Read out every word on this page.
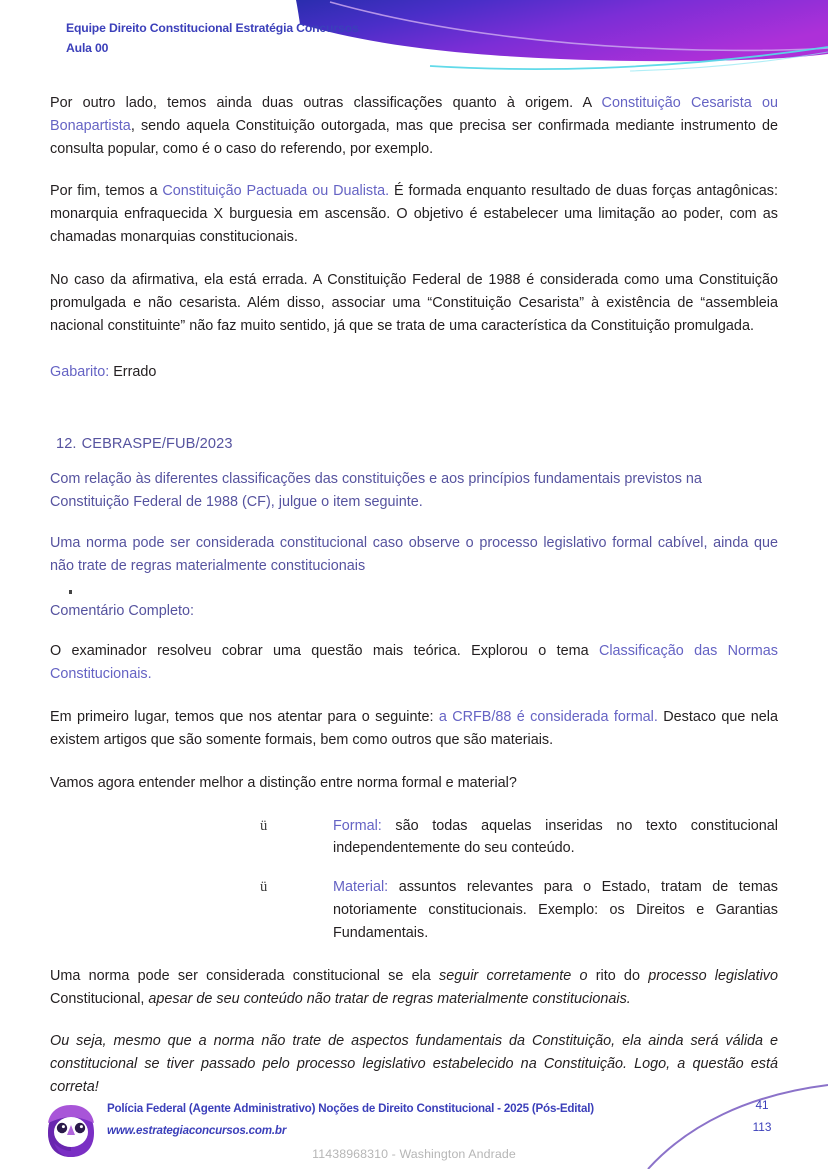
Equipe Direito Constitucional Estratégia Concursos
Aula 00

Por outro lado, temos ainda duas outras classificações quanto à origem. A Constituição Cesarista ou Bonapartista, sendo aquela Constituição outorgada, mas que precisa ser confirmada mediante instrumento de consulta popular, como é o caso do referendo, por exemplo.

Por fim, temos a Constituição Pactuada ou Dualista. É formada enquanto resultado de duas forças antagônicas: monarquia enfraquecida X burguesia em ascensão. O objetivo é estabelecer uma limitação ao poder, com as chamadas monarquias constitucionais.

No caso da afirmativa, ela está errada. A Constituição Federal de 1988 é considerada como uma Constituição promulgada e não cesarista. Além disso, associar uma “Constituição Cesarista” à existência de “assembleia nacional constituinte” não faz muito sentido, já que se trata de uma característica da Constituição promulgada.

Gabarito: Errado

12. CEBRASPE/FUB/2023

Com relação às diferentes classificações das constituições e aos princípios fundamentais previstos na Constituição Federal de 1988 (CF), julgue o item seguinte.

Uma norma pode ser considerada constitucional caso observe o processo legislativo formal cabível, ainda que não trate de regras materialmente constitucionais

Comentário Completo:

O examinador resolveu cobrar uma questão mais teórica. Explorou o tema Classificação das Normas Constitucionais.

Em primeiro lugar, temos que nos atentar para o seguinte: a CRFB/88 é considerada formal. Destaco que nela existem artigos que são somente formais, bem como outros que são materiais.

Vamos agora entender melhor a distinção entre norma formal e material?

ü	Formal: são todas aquelas inseridas no texto constitucional independentemente do seu conteúdo.
ü	Material: assuntos relevantes para o Estado, tratam de temas notoriamente constitucionais. Exemplo: os Direitos e Garantias Fundamentais.

Uma norma pode ser considerada constitucional se ela seguir corretamente o rito do processo legislativo Constitucional, apesar de seu conteúdo não tratar de regras materialmente constitucionais.

Ou seja, mesmo que a norma não trate de aspectos fundamentais da Constituição, ela ainda será válida e constitucional se tiver passado pelo processo legislativo estabelecido na Constituição. Logo, a questão está correta!

Polícia Federal (Agente Administrativo) Noções de Direito Constitucional - 2025 (Pós-Edital)
www.estrategiaconcursos.com.br
41
113
11438968310 - Washington Andrade
